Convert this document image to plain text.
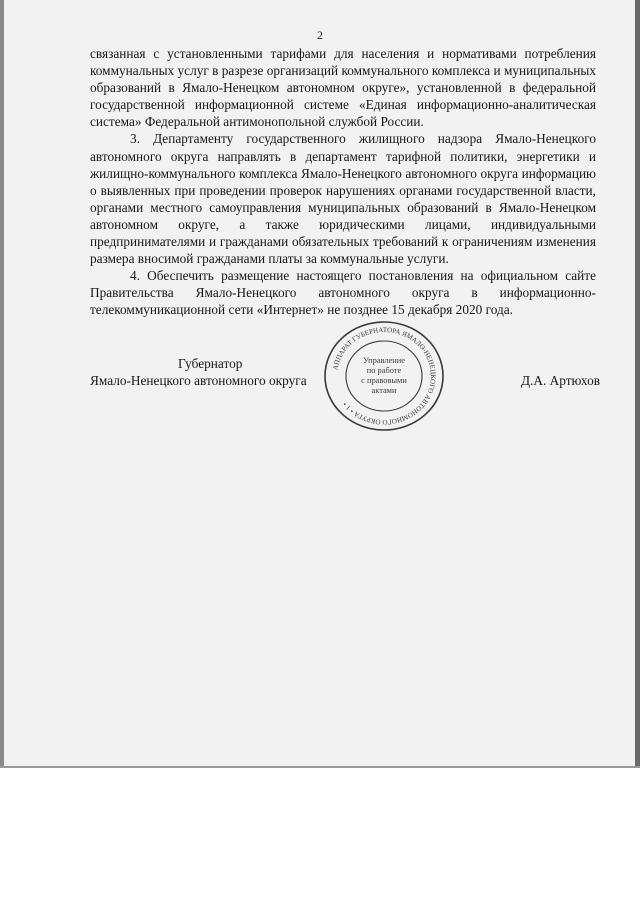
2

связанная с установленными тарифами для населения и нормативами потребления коммунальных услуг в разрезе организаций коммунального комплекса и муниципальных образований в Ямало-Ненецком автономном округе», установленной в федеральной государственной информационной системе «Единая информационно-аналитическая система» Федеральной антимонопольной службой России.

3. Департаменту государственного жилищного надзора Ямало-Ненецкого автономного округа направлять в департамент тарифной политики, энергетики и жилищно-коммунального комплекса Ямало-Ненецкого автономного округа информацию о выявленных при проведении проверок нарушениях органами государственной власти, органами местного самоуправления муниципальных образований в Ямало-Ненецком автономном округе, а также юридическими лицами, индивидуальными предпринимателями и гражданами обязательных требований к ограничениям изменения размера вносимой гражданами платы за коммунальные услуги.

4. Обеспечить размещение настоящего постановления на официальном сайте Правительства Ямало-Ненецкого автономного округа в информационно-телекоммуникационной сети «Интернет» не позднее 15 декабря 2020 года.

Губернатор
Ямало-Ненецкого автономного округа	Д.А. Артюхов
АППАРАТ ГУБЕРНАТОРА ЯМАЛО-НЕНЕЦКОГО АВТОНОМНОГО ОКРУГА • 1 •
Управление
по работе
с правовыми
актами
